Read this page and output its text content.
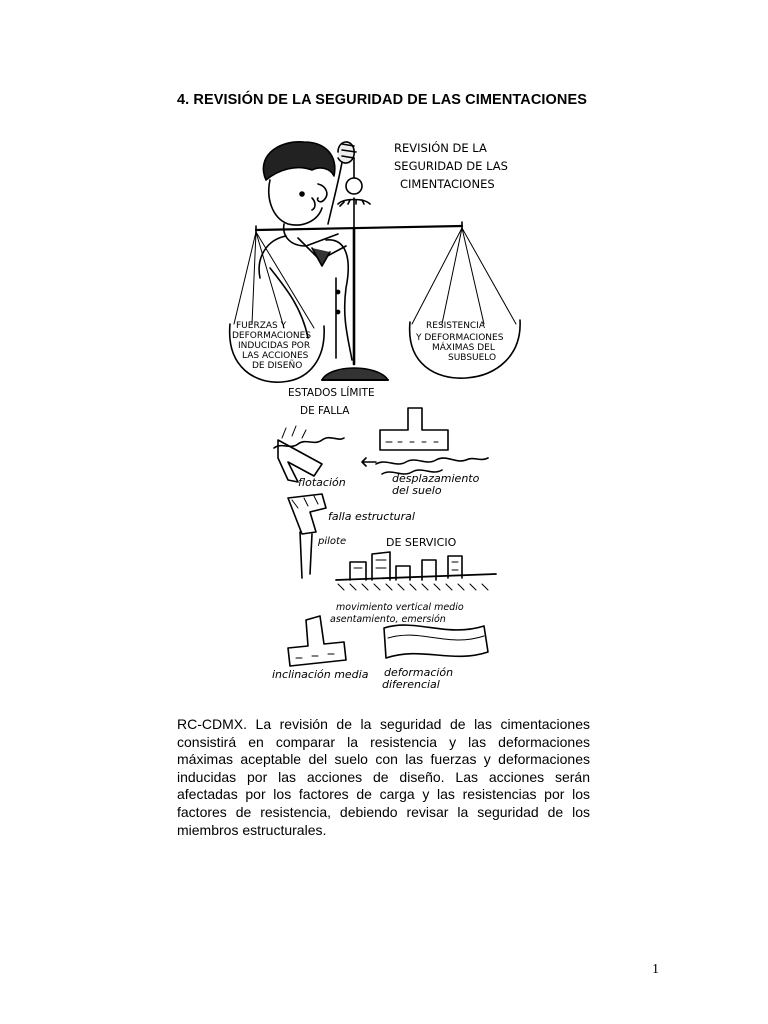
4. REVISIÓN DE LA SEGURIDAD DE LAS CIMENTACIONES
REVISIÓN DE LA
SEGURIDAD DE LAS
CIMENTACIONES
FUERZAS Y
DEFORMACIONES
INDUCIDAS POR
LAS ACCIONES
DE DISEÑO
RESISTENCIA
Y DEFORMACIONES
MÁXIMAS DEL
SUBSUELO
ESTADOS LÍMITE
DE FALLA
flotación	desplazamiento
del suelo
falla estructural
pilote	DE SERVICIO
movimiento vertical medio
asentamiento, emersión
inclinación media deformación
diferencial
RC-CDMX. La revisión de la seguridad de las cimentaciones consistirá en comparar la resistencia y las deformaciones máximas aceptable del suelo con las fuerzas y deformaciones inducidas por las acciones de diseño. Las acciones serán afectadas por los factores de carga y las resistencias por los factores de resistencia, debiendo revisar la seguridad de los miembros estructurales.
1
